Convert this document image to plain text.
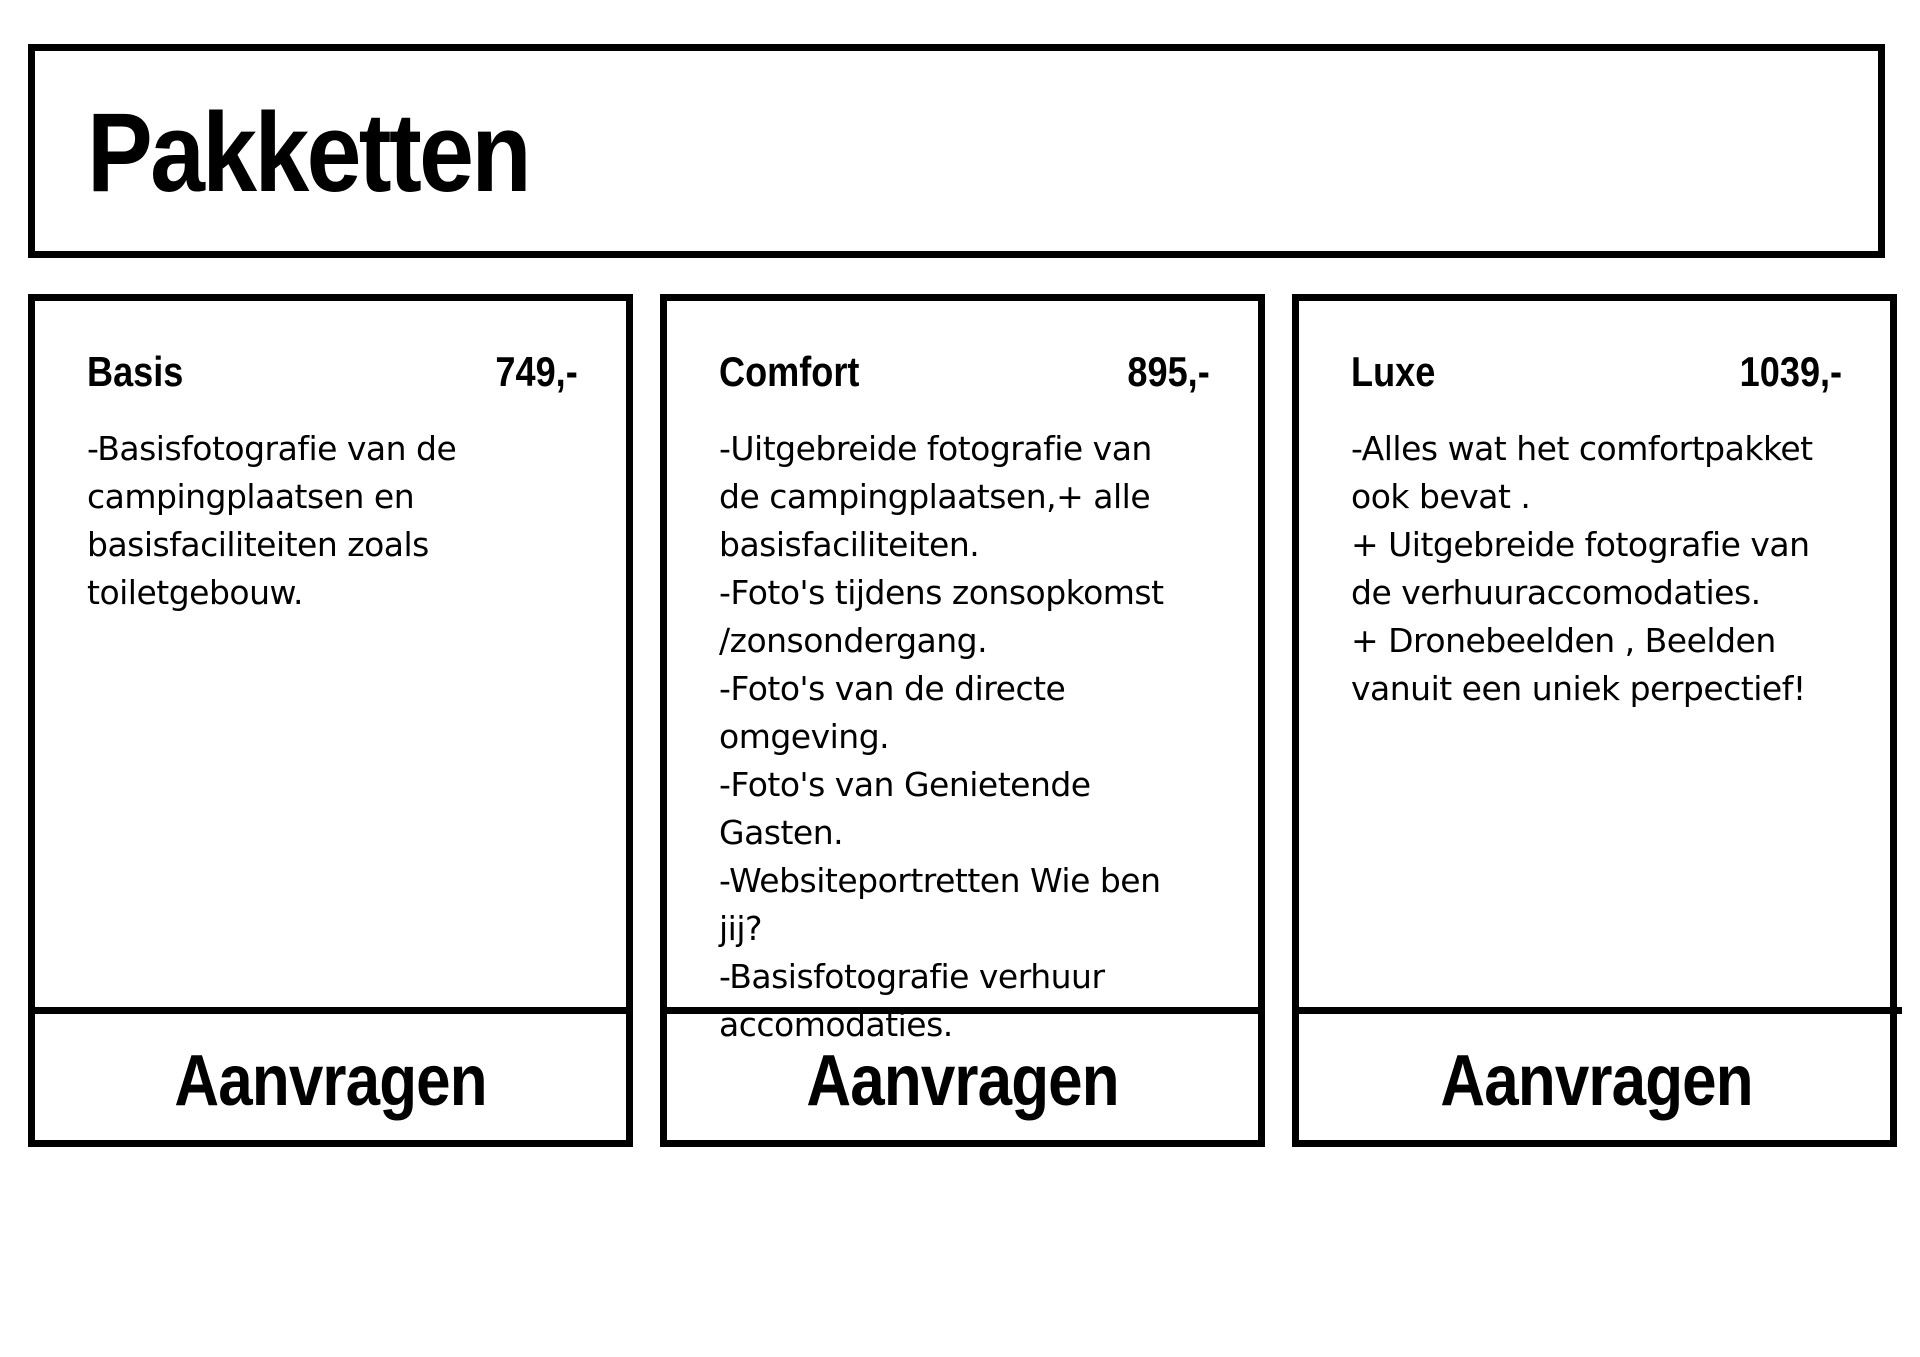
Pakketten
Basis	749,-
-Basisfotografie van de
campingplaatsen en
basisfaciliteiten zoals
toiletgebouw.
Aanvragen
Comfort	895,-
-Uitgebreide fotografie van
de campingplaatsen,+ alle
basisfaciliteiten.
-Foto's tijdens zonsopkomst
/zonsondergang.
-Foto's van de directe
omgeving.
-Foto's van Genietende
Gasten.
-Websiteportretten Wie ben
jij?
-Basisfotografie verhuur
accomodaties.
Aanvragen
Luxe	1039,-
-Alles wat het comfortpakket
ook bevat .
+ Uitgebreide fotografie van
de verhuuraccomodaties.
+ Dronebeelden , Beelden
vanuit een uniek perpectief!
Aanvragen
